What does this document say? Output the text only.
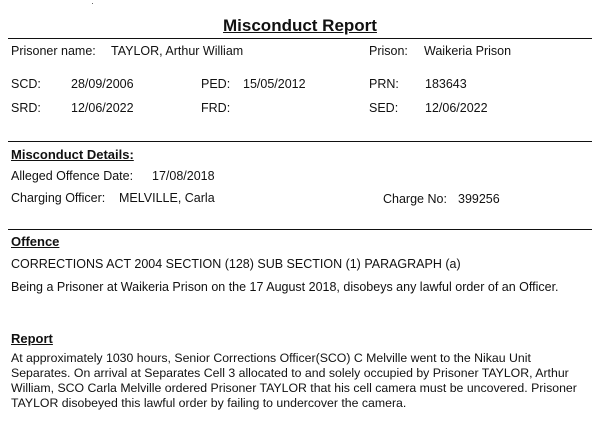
Misconduct Report
Prisoner name: TAYLOR, Arthur William	Prison: Waikeria Prison
SCD: 28/09/2006	PED: 15/05/2012	PRN: 183643
SRD: 12/06/2022	FRD:	SED: 12/06/2022
Misconduct Details:
Alleged Offence Date: 17/08/2018
Charging Officer: MELVILLE, Carla	Charge No: 399256
Offence
CORRECTIONS ACT 2004 SECTION (128) SUB SECTION (1) PARAGRAPH (a)
Being a Prisoner at Waikeria Prison on the 17 August 2018, disobeys any lawful order of an Officer.
Report
At approximately 1030 hours, Senior Corrections Officer(SCO) C Melville went to the Nikau Unit Separates. On arrival at Separates Cell 3 allocated to and solely occupied by Prisoner TAYLOR, Arthur William, SCO Carla Melville ordered Prisoner TAYLOR that his cell camera must be uncovered. Prisoner TAYLOR disobeyed this lawful order by failing to undercover the camera.
